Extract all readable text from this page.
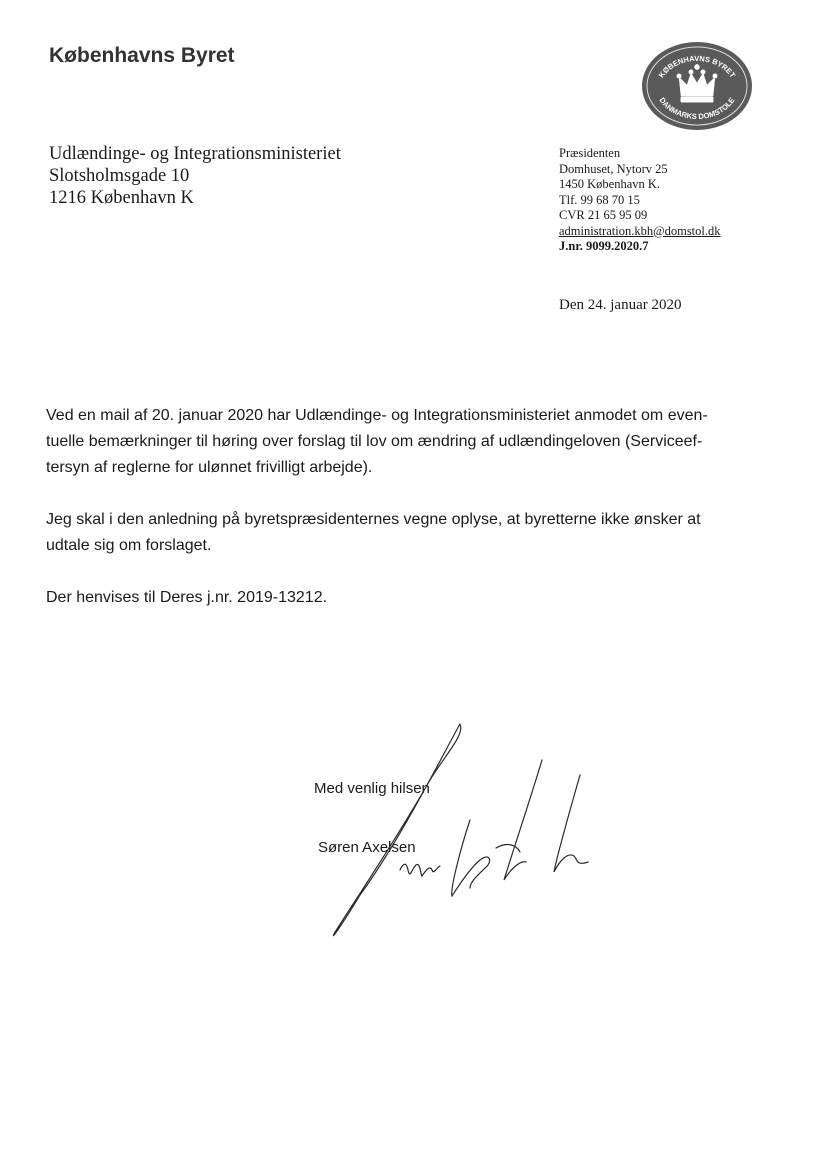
Københavns Byret
KØBENHAVNS BYRET
DANMARKS DOMSTOLE
Udlændinge- og Integrationsministeriet
Slotsholmsgade 10
1216 København K
Præsidenten
Domhuset, Nytorv 25
1450 København K.
Tlf. 99 68 70 15
CVR 21 65 95 09
administration.kbh@domstol.dk
J.nr. 9099.2020.7
Den 24. januar 2020

Ved en mail af 20. januar 2020 har Udlændinge- og Integrationsministeriet anmodet om even-
tuelle bemærkninger til høring over forslag til lov om ændring af udlændingeloven (Serviceef-
tersyn af reglerne for ulønnet frivilligt arbejde).

Jeg skal i den anledning på byretspræsidenternes vegne oplyse, at byretterne ikke ønsker at
udtale sig om forslaget.

Der henvises til Deres j.nr. 2019-13212.

Med venlig hilsen
Søren Axelsen
